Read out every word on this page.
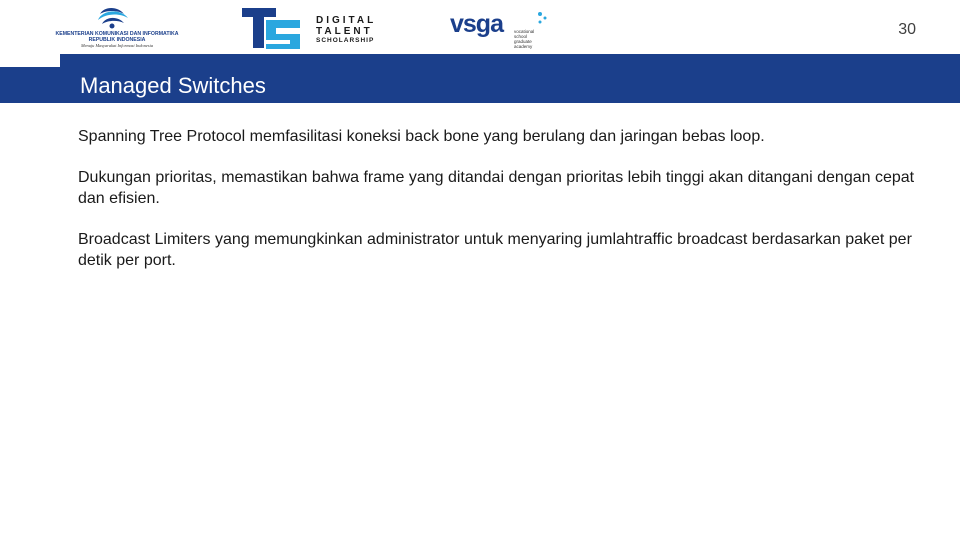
KEMENTERIAN KOMUNIKASI DAN INFORMATIKA
REPUBLIK INDONESIA
Menuju Masyarakat Informasi Indonesia
DIGITAL
TALENT
SCHOLARSHIP
vsga	vocational
school
graduate
academy
30
Managed Switches
Spanning Tree Protocol memfasilitasi koneksi back bone yang berulang dan jaringan bebas loop.
Dukungan prioritas, memastikan bahwa frame yang ditandai dengan prioritas lebih tinggi akan ditangani dengan cepat dan efisien.
Broadcast Limiters yang memungkinkan administrator untuk menyaring jumlahtraffic broadcast berdasarkan paket per detik per port.
